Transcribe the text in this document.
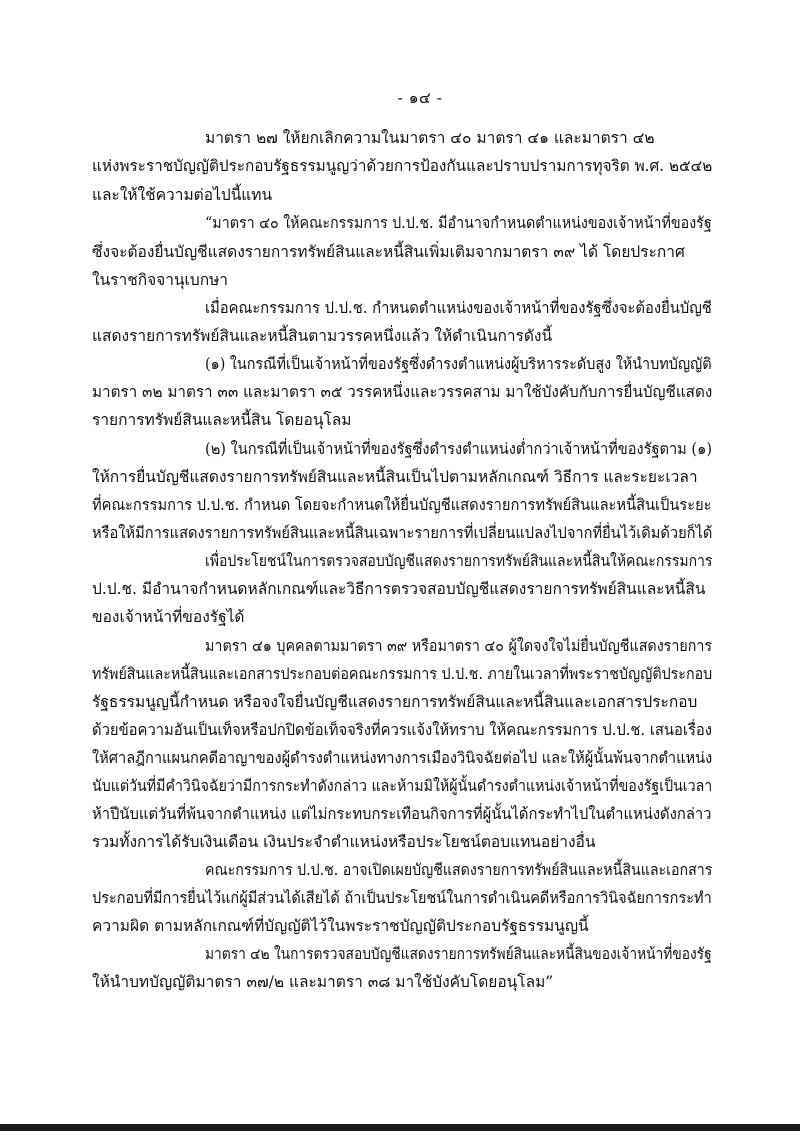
- ๑๔ -
มาตรา ๒๗ ให้ยกเลิกความในมาตรา ๔๐ มาตรา ๔๑ และมาตรา ๔๒
แห่งพระราชบัญญัติประกอบรัฐธรรมนูญว่าด้วยการป้องกันและปราบปรามการทุจริต พ.ศ. ๒๕๔๒
และให้ใช้ความต่อไปนี้แทน
“มาตรา ๔๐ ให้คณะกรรมการ ป.ป.ช. มีอำนาจกำหนดตำแหน่งของเจ้าหน้าที่ของรัฐ
ซึ่งจะต้องยื่นบัญชีแสดงรายการทรัพย์สินและหนี้สินเพิ่มเติมจากมาตรา ๓๙ ได้ โดยประกาศ
ในราชกิจจานุเบกษา
เมื่อคณะกรรมการ ป.ป.ช. กำหนดตำแหน่งของเจ้าหน้าที่ของรัฐซึ่งจะต้องยื่นบัญชี
แสดงรายการทรัพย์สินและหนี้สินตามวรรคหนึ่งแล้ว ให้ดำเนินการดังนี้
(๑) ในกรณีที่เป็นเจ้าหน้าที่ของรัฐซึ่งดำรงตำแหน่งผู้บริหารระดับสูง ให้นำบทบัญญัติ
มาตรา ๓๒ มาตรา ๓๓ และมาตรา ๓๕ วรรคหนึ่งและวรรคสาม มาใช้บังคับกับการยื่นบัญชีแสดง
รายการทรัพย์สินและหนี้สิน โดยอนุโลม
(๒) ในกรณีที่เป็นเจ้าหน้าที่ของรัฐซึ่งดำรงตำแหน่งต่ำกว่าเจ้าหน้าที่ของรัฐตาม (๑)
ให้การยื่นบัญชีแสดงรายการทรัพย์สินและหนี้สินเป็นไปตามหลักเกณฑ์ วิธีการ และระยะเวลา
ที่คณะกรรมการ ป.ป.ช. กำหนด โดยจะกำหนดให้ยื่นบัญชีแสดงรายการทรัพย์สินและหนี้สินเป็นระยะ
หรือให้มีการแสดงรายการทรัพย์สินและหนี้สินเฉพาะรายการที่เปลี่ยนแปลงไปจากที่ยื่นไว้เดิมด้วยก็ได้
เพื่อประโยชน์ในการตรวจสอบบัญชีแสดงรายการทรัพย์สินและหนี้สินให้คณะกรรมการ
ป.ป.ช. มีอำนาจกำหนดหลักเกณฑ์และวิธีการตรวจสอบบัญชีแสดงรายการทรัพย์สินและหนี้สิน
ของเจ้าหน้าที่ของรัฐได้
มาตรา ๔๑ บุคคลตามมาตรา ๓๙ หรือมาตรา ๔๐ ผู้ใดจงใจไม่ยื่นบัญชีแสดงรายการ
ทรัพย์สินและหนี้สินและเอกสารประกอบต่อคณะกรรมการ ป.ป.ช. ภายในเวลาที่พระราชบัญญัติประกอบ
รัฐธรรมนูญนี้กำหนด หรือจงใจยื่นบัญชีแสดงรายการทรัพย์สินและหนี้สินและเอกสารประกอบ
ด้วยข้อความอันเป็นเท็จหรือปกปิดข้อเท็จจริงที่ควรแจ้งให้ทราบ ให้คณะกรรมการ ป.ป.ช. เสนอเรื่อง
ให้ศาลฎีกาแผนกคดีอาญาของผู้ดำรงตำแหน่งทางการเมืองวินิจฉัยต่อไป และให้ผู้นั้นพ้นจากตำแหน่ง
นับแต่วันที่มีคำวินิจฉัยว่ามีการกระทำดังกล่าว และห้ามมิให้ผู้นั้นดำรงตำแหน่งเจ้าหน้าที่ของรัฐเป็นเวลา
ห้าปีนับแต่วันที่พ้นจากตำแหน่ง แต่ไม่กระทบกระเทือนกิจการที่ผู้นั้นได้กระทำไปในตำแหน่งดังกล่าว
รวมทั้งการได้รับเงินเดือน เงินประจำตำแหน่งหรือประโยชน์ตอบแทนอย่างอื่น
คณะกรรมการ ป.ป.ช. อาจเปิดเผยบัญชีแสดงรายการทรัพย์สินและหนี้สินและเอกสาร
ประกอบที่มีการยื่นไว้แก่ผู้มีส่วนได้เสียได้ ถ้าเป็นประโยชน์ในการดำเนินคดีหรือการวินิจฉัยการกระทำ
ความผิด ตามหลักเกณฑ์ที่บัญญัติไว้ในพระราชบัญญัติประกอบรัฐธรรมนูญนี้
มาตรา ๔๒ ในการตรวจสอบบัญชีแสดงรายการทรัพย์สินและหนี้สินของเจ้าหน้าที่ของรัฐ
ให้นำบทบัญญัติมาตรา ๓๗/๒ และมาตรา ๓๘ มาใช้บังคับโดยอนุโลม”
